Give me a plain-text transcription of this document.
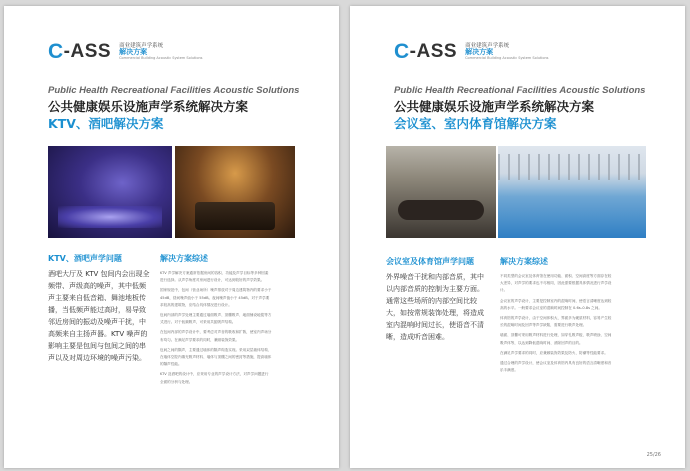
C -ASS 商业建筑声学系统
解决方案
Commercial Building Acoustic System Solutions
Public Health Recreational Facilities Acoustic Solutions
公共健康娱乐设施声学系统解决方案
KTV、酒吧解决方案
KTV、酒吧声学问题
酒吧大厅及 KTV 包间内会出现全频带、声级高的噪声，其中低频声主要来自低音箱、舞池地板传播，当低频声能过高时，易导致邻近房间的振动及噪声干扰，中高频来自主扬声器。KTV 噪声的影响主要是包间与包间之间的串声以及对周边环境的噪声污染。
解决方案综述

KTV 声学解决方案通常依据房间的容积、功能及声学目标等多种因素进行选择。从声学角度对房间进行设计，可达到较好的声学效果。

国家规范中，包间（营业场所）噪声排放对于周边建筑物内的要求小于 45dB，昼间噪声值小于 55dB。夜间噪声值小于 45dB。对于声学要求较高的建筑物，应结合具体情况进行设计。

包间内部的声学处理主要通过墙面吸声、顶棚吸声、地面铺设地毯等方式进行。对于低频吸声，可采用共振吸声结构。

在包间内部的声学设计中，要考虑对声音的吸收和扩散，使室内声场分布均匀。在满足声学要求的同时，兼顾装饰效果。

包间之间的隔声，主要通过墙体的隔声构造实现。采用双层墙体结构、在墙体空腔内填充吸声材料、墙体与顶棚之间的密封等措施，提高墙体的隔声性能。

KTV 及酒吧的设计中，应采用专业的声学设计方法，对声学问题进行全面的分析与处理。

C -ASS 商业建筑声学系统
解决方案
Commercial Building Acoustic System Solutions
Public Health Recreational Facilities Acoustic Solutions
公共健康娱乐设施声学系统解决方案
会议室、室内体育馆解决方案
会议室及体育馆声学问题
外界噪音干扰和内部音质，其中以内部音质的控制为主要方面。通常这些场所的内部空间比较大，如按常规装饰处理，将造成室内混响时间过长，使语音不清晰，造成听音困难。
解决方案综述

不同类型的会议室及体育馆在使用功能、面积、空间高度等方面存在较大差异，对声学的要求也不尽相同，因此需要根据具体情况进行声学设计。

会议室的声学设计，主要是控制室内的混响时间，使语言清晰度达到较高的水平。一般要求会议室的混响时间控制在 0.6s–0.8s 之间。

体育馆的声学设计，由于空间体积大、界面多为硬质材料，容易产生较长的混响时间及回声等声学缺陷，需要进行吸声处理。

墙面、顶棚可采用吸声材料进行处理，如穿孔吸声板、吸声喷涂、空间吸声体等，以达到降低混响时间、消除回声的目的。

在满足声学要求的同时，应兼顾装饰效果及防火、防潮等性能要求。

通过合理的声学设计，使会议室及体育馆内具有良好的语言清晰度和音乐丰满度。

25/26
